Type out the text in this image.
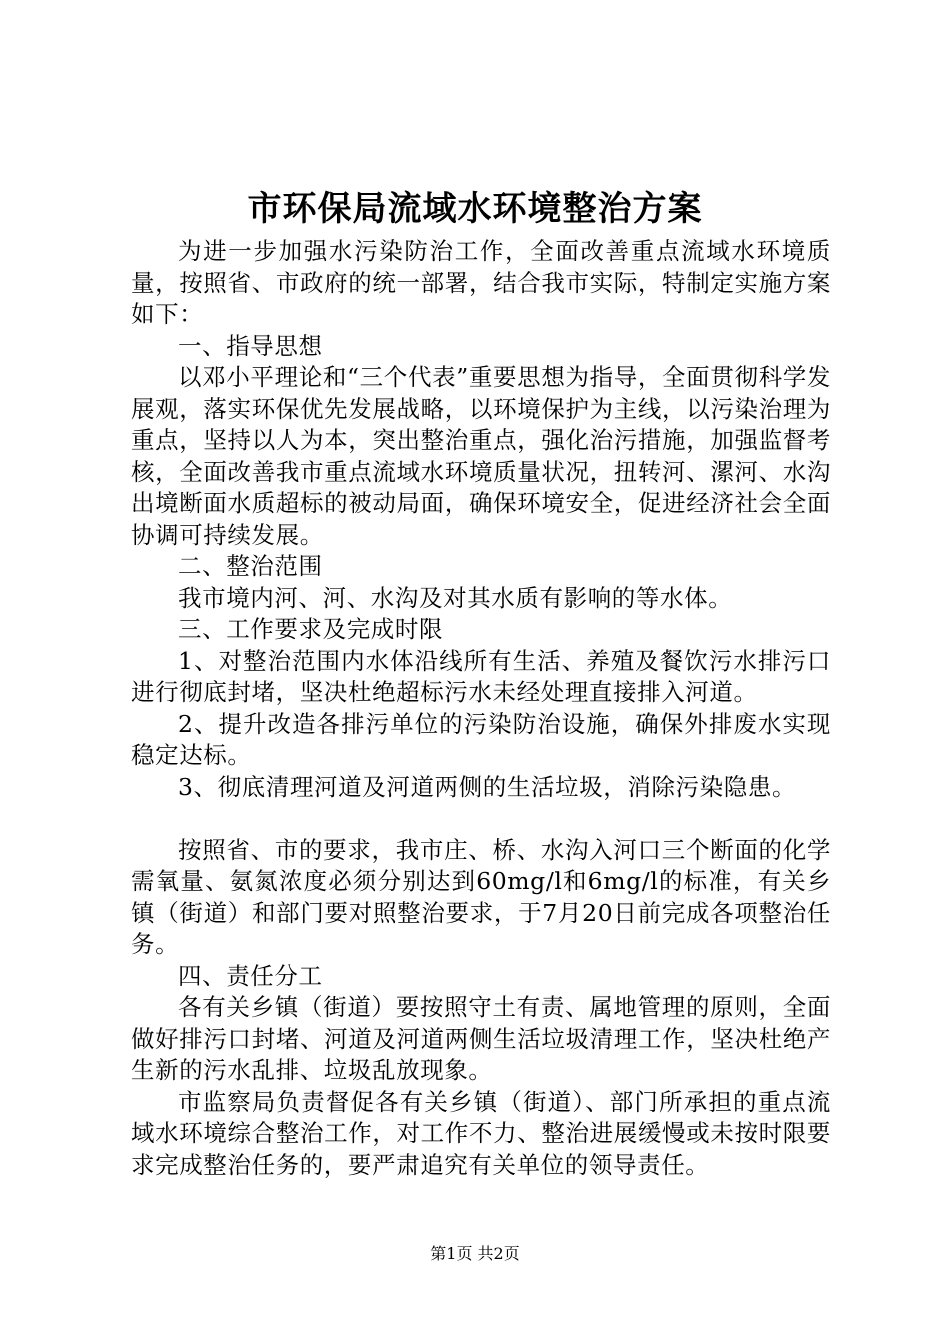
市环保局流域水环境整治方案

为进一步加强水污染防治工作，全面改善重点流域水环境质量，按照省、市政府的统一部署，结合我市实际，特制定实施方案如下：

一、指导思想

以邓小平理论和“三个代表”重要思想为指导，全面贯彻科学发展观，落实环保优先发展战略，以环境保护为主线，以污染治理为重点，坚持以人为本，突出整治重点，强化治污措施，加强监督考核，全面改善我市重点流域水环境质量状况，扭转河、漯河、水沟出境断面水质超标的被动局面，确保环境安全，促进经济社会全面协调可持续发展。

二、整治范围

我市境内河、河、水沟及对其水质有影响的等水体。

三、工作要求及完成时限

1、对整治范围内水体沿线所有生活、养殖及餐饮污水排污口进行彻底封堵，坚决杜绝超标污水未经处理直接排入河道。

2、提升改造各排污单位的污染防治设施，确保外排废水实现稳定达标。

3、彻底清理河道及河道两侧的生活垃圾，消除污染隐患。

按照省、市的要求，我市庄、桥、水沟入河口三个断面的化学需氧量、氨氮浓度必须分别达到60mg/l和6mg/l的标准，有关乡镇（街道）和部门要对照整治要求，于7月20日前完成各项整治任务。

四、责任分工

各有关乡镇（街道）要按照守土有责、属地管理的原则，全面做好排污口封堵、河道及河道两侧生活垃圾清理工作，坚决杜绝产生新的污水乱排、垃圾乱放现象。

市监察局负责督促各有关乡镇（街道）、部门所承担的重点流域水环境综合整治工作，对工作不力、整治进展缓慢或未按时限要求完成整治任务的，要严肃追究有关单位的领导责任。

第1页 共2页
